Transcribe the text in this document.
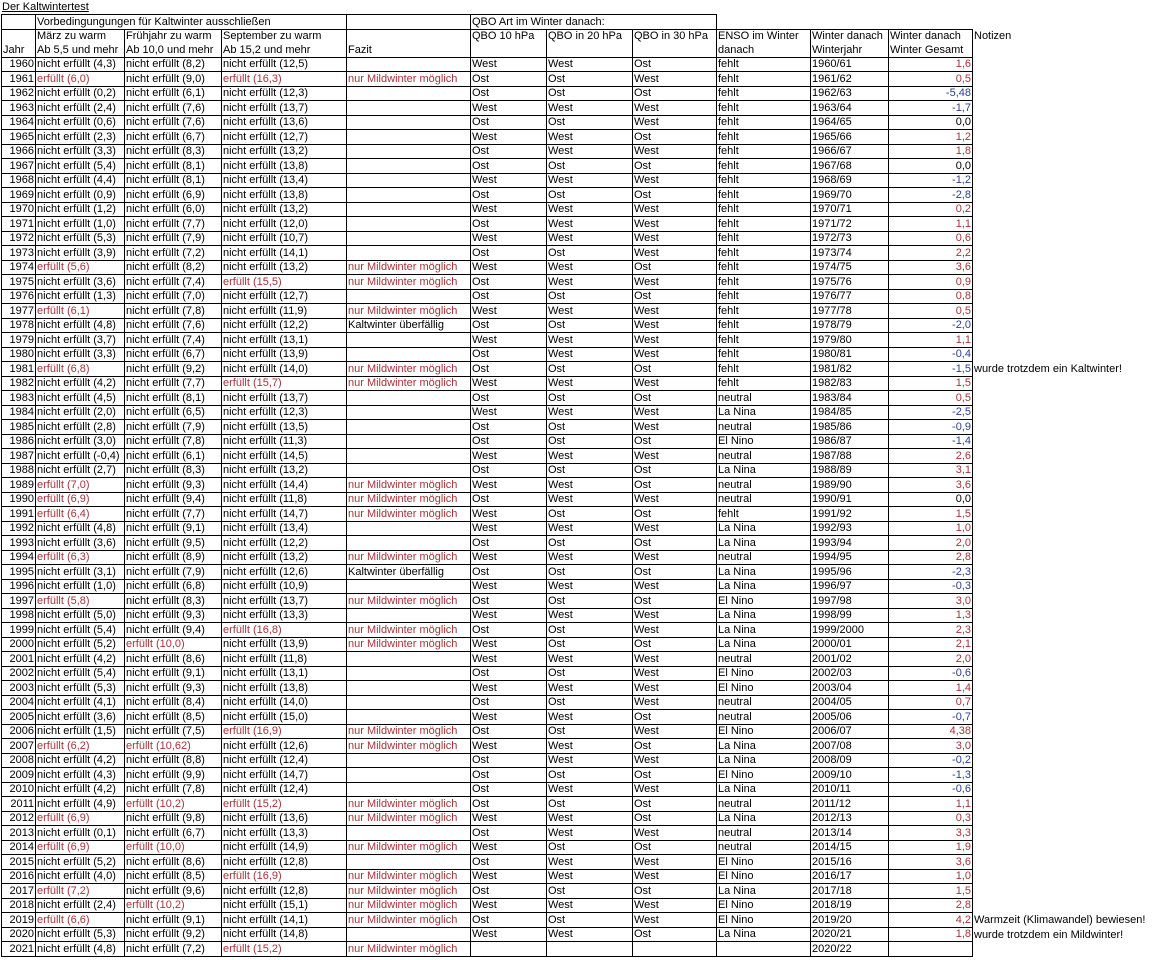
Der Kaltwintertest
	Vorbedingungungen für Kaltwinter ausschließen				QBO Art im Winter danach:						
	März zu warm	Frühjahr zu warm	September zu warm		QBO 10 hPa	QBO in 20 hPa	QBO in 30 hPa	ENSO im Winter	Winter danach	Winter danach	Notizen
Jahr	Ab 5,5 und mehr	Ab 10,0 und mehr	Ab 15,2 und mehr	Fazit				danach	Winterjahr	Winter Gesamt	
1960	nicht erfüllt (4,3)	nicht erfüllt (8,2)	nicht erfüllt (12,5)		West	West	Ost	fehlt	1960/61	1,6	
1961	erfüllt (6,0)	nicht erfüllt (9,0)	erfüllt (16,3)	nur Mildwinter möglich	Ost	Ost	West	fehlt	1961/62	0,5	
1962	nicht erfüllt (0,2)	nicht erfüllt (6,1)	nicht erfüllt (12,3)		Ost	Ost	Ost	fehlt	1962/63	-5,48	
1963	nicht erfüllt (2,4)	nicht erfüllt (7,6)	nicht erfüllt (13,7)		West	West	West	fehlt	1963/64	-1,7	
1964	nicht erfüllt (0,6)	nicht erfüllt (7,6)	nicht erfüllt (13,6)		Ost	Ost	West	fehlt	1964/65	0,0	
1965	nicht erfüllt (2,3)	nicht erfüllt (6,7)	nicht erfüllt (12,7)		West	West	Ost	fehlt	1965/66	1,2	
1966	nicht erfüllt (3,3)	nicht erfüllt (8,3)	nicht erfüllt (13,2)		Ost	West	West	fehlt	1966/67	1,8	
1967	nicht erfüllt (5,4)	nicht erfüllt (8,1)	nicht erfüllt (13,8)		Ost	Ost	Ost	fehlt	1967/68	0,0	
1968	nicht erfüllt (4,4)	nicht erfüllt (8,1)	nicht erfüllt (13,4)		West	West	West	fehlt	1968/69	-1,2	
1969	nicht erfüllt (0,9)	nicht erfüllt (6,9)	nicht erfüllt (13,8)		Ost	Ost	Ost	fehlt	1969/70	-2,8	
1970	nicht erfüllt (1,2)	nicht erfüllt (6,0)	nicht erfüllt (13,2)		West	West	West	fehlt	1970/71	0,2	
1971	nicht erfüllt (1,0)	nicht erfüllt (7,7)	nicht erfüllt (12,0)		Ost	West	West	fehlt	1971/72	1,1	
1972	nicht erfüllt (5,3)	nicht erfüllt (7,9)	nicht erfüllt (10,7)		West	West	West	fehlt	1972/73	0,6	
1973	nicht erfüllt (3,9)	nicht erfüllt (7,2)	nicht erfüllt (14,1)		Ost	Ost	West	fehlt	1973/74	2,2	
1974	erfüllt (5,6)	nicht erfüllt (8,2)	nicht erfüllt (13,2)	nur Mildwinter möglich	West	West	Ost	fehlt	1974/75	3,6	
1975	nicht erfüllt (3,6)	nicht erfüllt (7,4)	erfüllt (15,5)	nur Mildwinter möglich	Ost	West	West	fehlt	1975/76	0,9	
1976	nicht erfüllt (1,3)	nicht erfüllt (7,0)	nicht erfüllt (12,7)		Ost	Ost	Ost	fehlt	1976/77	0,8	
1977	erfüllt (6,1)	nicht erfüllt (7,8)	nicht erfüllt (11,9)	nur Mildwinter möglich	West	West	West	fehlt	1977/78	0,5	
1978	nicht erfüllt (4,8)	nicht erfüllt (7,6)	nicht erfüllt (12,2)	Kaltwinter überfällig	Ost	Ost	West	fehlt	1978/79	-2,0	
1979	nicht erfüllt (3,7)	nicht erfüllt (7,4)	nicht erfüllt (13,1)		West	West	West	fehlt	1979/80	1,1	
1980	nicht erfüllt (3,3)	nicht erfüllt (6,7)	nicht erfüllt (13,9)		Ost	West	West	fehlt	1980/81	-0,4	
1981	erfüllt (6,8)	nicht erfüllt (9,2)	nicht erfüllt (14,0)	nur Mildwinter möglich	Ost	Ost	Ost	fehlt	1981/82	-1,5	wurde trotzdem ein Kaltwinter!
1982	nicht erfüllt (4,2)	nicht erfüllt (7,7)	erfüllt (15,7)	nur Mildwinter möglich	West	West	West	fehlt	1982/83	1,5	
1983	nicht erfüllt (4,5)	nicht erfüllt (8,1)	nicht erfüllt (13,7)		Ost	Ost	Ost	neutral	1983/84	0,5	
1984	nicht erfüllt (2,0)	nicht erfüllt (6,5)	nicht erfüllt (12,3)		West	West	West	La Nina	1984/85	-2,5	
1985	nicht erfüllt (2,8)	nicht erfüllt (7,9)	nicht erfüllt (13,5)		Ost	Ost	West	neutral	1985/86	-0,9	
1986	nicht erfüllt (3,0)	nicht erfüllt (7,8)	nicht erfüllt (11,3)		Ost	Ost	Ost	El Nino	1986/87	-1,4	
1987	nicht erfüllt (-0,4)	nicht erfüllt (6,1)	nicht erfüllt (14,5)		West	West	West	neutral	1987/88	2,6	
1988	nicht erfüllt (2,7)	nicht erfüllt (8,3)	nicht erfüllt (13,2)		Ost	Ost	Ost	La Nina	1988/89	3,1	
1989	erfüllt (7,0)	nicht erfüllt (9,3)	nicht erfüllt (14,4)	nur Mildwinter möglich	West	West	Ost	neutral	1989/90	3,6	
1990	erfüllt (6,9)	nicht erfüllt (9,4)	nicht erfüllt (11,8)	nur Mildwinter möglich	Ost	West	West	neutral	1990/91	0,0	
1991	erfüllt (6,4)	nicht erfüllt (7,7)	nicht erfüllt (14,7)	nur Mildwinter möglich	West	Ost	Ost	fehlt	1991/92	1,5	
1992	nicht erfüllt (4,8)	nicht erfüllt (9,1)	nicht erfüllt (13,4)		West	West	West	La Nina	1992/93	1,0	
1993	nicht erfüllt (3,6)	nicht erfüllt (9,5)	nicht erfüllt (12,2)		Ost	Ost	Ost	La Nina	1993/94	2,0	
1994	erfüllt (6,3)	nicht erfüllt (8,9)	nicht erfüllt (13,2)	nur Mildwinter möglich	West	West	West	neutral	1994/95	2,8	
1995	nicht erfüllt (3,1)	nicht erfüllt (7,9)	nicht erfüllt (12,6)	Kaltwinter überfällig	Ost	Ost	Ost	La Nina	1995/96	-2,3	
1996	nicht erfüllt (1,0)	nicht erfüllt (6,8)	nicht erfüllt (10,9)		West	West	West	La Nina	1996/97	-0,3	
1997	erfüllt (5,8)	nicht erfüllt (8,3)	nicht erfüllt (13,7)	nur Mildwinter möglich	Ost	Ost	Ost	El Nino	1997/98	3,0	
1998	nicht erfüllt (5,0)	nicht erfüllt (9,3)	nicht erfüllt (13,3)		West	West	West	La Nina	1998/99	1,3	
1999	nicht erfüllt (5,4)	nicht erfüllt (9,4)	erfüllt (16,8)	nur Mildwinter möglich	Ost	Ost	West	La Nina	1999/2000	2,3	
2000	nicht erfüllt (5,2)	erfüllt (10,0)	nicht erfüllt (13,9)	nur Mildwinter möglich	West	Ost	Ost	La Nina	2000/01	2,1	
2001	nicht erfüllt (4,2)	nicht erfüllt (8,6)	nicht erfüllt (11,8)		West	West	West	neutral	2001/02	2,0	
2002	nicht erfüllt (5,4)	nicht erfüllt (9,1)	nicht erfüllt (13,1)		Ost	Ost	West	El Nino	2002/03	-0,6	
2003	nicht erfüllt (5,3)	nicht erfüllt (9,3)	nicht erfüllt (13,8)		West	West	West	El Nino	2003/04	1,4	
2004	nicht erfüllt (4,1)	nicht erfüllt (8,4)	nicht erfüllt (14,0)		Ost	Ost	West	neutral	2004/05	0,7	
2005	nicht erfüllt (3,6)	nicht erfüllt (8,5)	nicht erfüllt (15,0)		West	West	Ost	neutral	2005/06	-0,7	
2006	nicht erfüllt (1,5)	nicht erfüllt (7,5)	erfüllt (16,9)	nur Mildwinter möglich	Ost	Ost	West	El Nino	2006/07	4,38	
2007	erfüllt (6,2)	erfüllt (10,62)	nicht erfüllt (12,6)	nur Mildwinter möglich	West	West	Ost	La Nina	2007/08	3,0	
2008	nicht erfüllt (4,2)	nicht erfüllt (8,8)	nicht erfüllt (12,4)		Ost	West	West	La Nina	2008/09	-0,2	
2009	nicht erfüllt (4,3)	nicht erfüllt (9,9)	nicht erfüllt (14,7)		Ost	Ost	Ost	El Nino	2009/10	-1,3	
2010	nicht erfüllt (4,2)	nicht erfüllt (7,8)	nicht erfüllt (12,4)		Ost	West	West	La Nina	2010/11	-0,6	
2011	nicht erfüllt (4,9)	erfüllt (10,2)	erfüllt (15,2)	nur Mildwinter möglich	Ost	Ost	Ost	neutral	2011/12	1,1	
2012	erfüllt (6,9)	nicht erfüllt (9,8)	nicht erfüllt (13,6)	nur Mildwinter möglich	West	West	Ost	La Nina	2012/13	0,3	
2013	nicht erfüllt (0,1)	nicht erfüllt (6,7)	nicht erfüllt (13,3)		Ost	West	West	neutral	2013/14	3,3	
2014	erfüllt (6,9)	erfüllt (10,0)	nicht erfüllt (14,9)	nur Mildwinter möglich	West	Ost	Ost	neutral	2014/15	1,9	
2015	nicht erfüllt (5,2)	nicht erfüllt (8,6)	nicht erfüllt (12,8)		Ost	West	West	El Nino	2015/16	3,6	
2016	nicht erfüllt (4,0)	nicht erfüllt (8,5)	erfüllt (16,9)	nur Mildwinter möglich	West	West	West	El Nino	2016/17	1,0	
2017	erfüllt (7,2)	nicht erfüllt (9,6)	nicht erfüllt (12,8)	nur Mildwinter möglich	Ost	Ost	Ost	La Nina	2017/18	1,5	
2018	nicht erfüllt (2,4)	erfüllt (10,2)	nicht erfüllt (15,1)	nur Mildwinter möglich	West	West	West	El Nino	2018/19	2,8	
2019	erfüllt (6,6)	nicht erfüllt (9,1)	nicht erfüllt (14,1)	nur Mildwinter möglich	Ost	Ost	West	El Nino	2019/20	4,2	Warmzeit (Klimawandel) bewiesen!
2020	nicht erfüllt (5,3)	nicht erfüllt (9,2)	nicht erfüllt (14,8)		West	West	Ost	La Nina	2020/21	1,8	wurde trotzdem ein Mildwinter!
2021	nicht erfüllt (4,8)	nicht erfüllt (7,2)	erfüllt (15,2)	nur Mildwinter möglich					2020/22		
